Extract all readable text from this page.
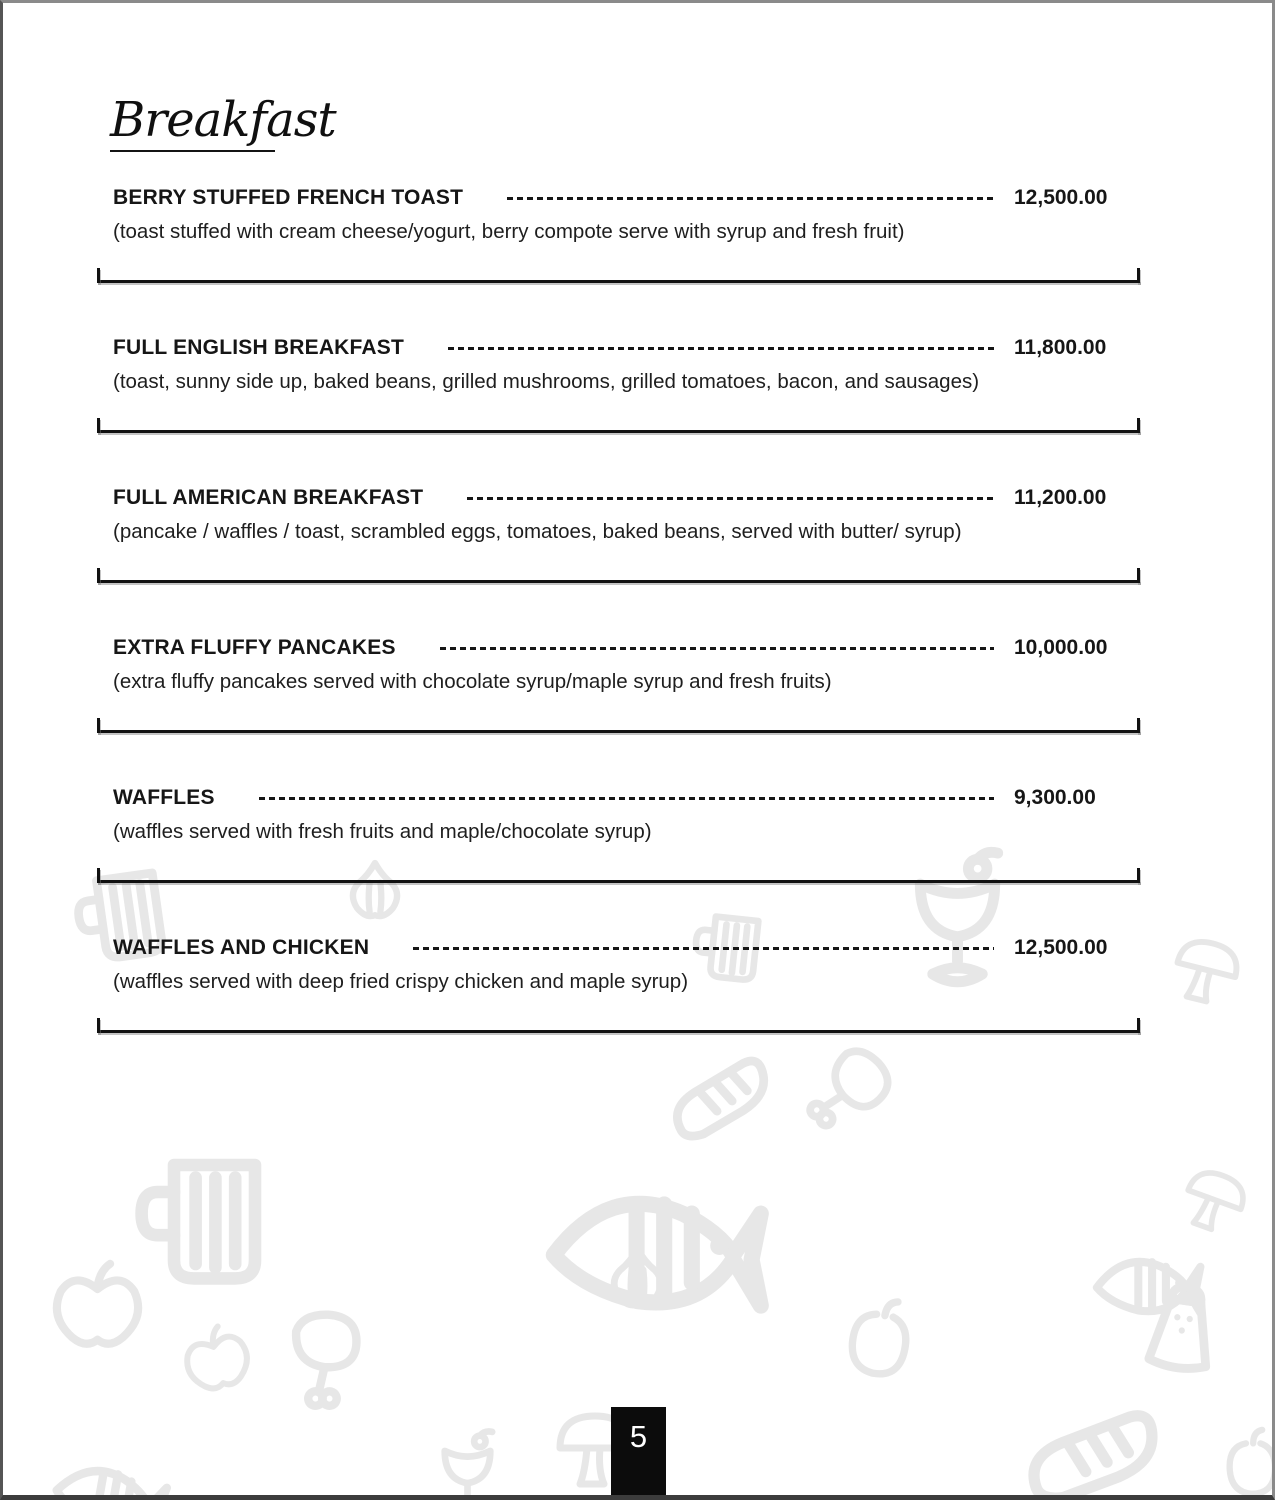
Breakfast
BERRY STUFFED FRENCH TOAST	12,500.00
(toast stuffed with cream cheese/yogurt, berry compote serve with syrup and fresh fruit)
FULL ENGLISH BREAKFAST	11,800.00
(toast, sunny side up, baked beans, grilled mushrooms, grilled tomatoes, bacon, and sausages)
FULL AMERICAN BREAKFAST	11,200.00
(pancake / waffles / toast, scrambled eggs, tomatoes, baked beans, served with butter/ syrup)
EXTRA FLUFFY PANCAKES	10,000.00
(extra fluffy pancakes served with chocolate syrup/maple syrup and fresh fruits)
WAFFLES	9,300.00
(waffles served with fresh fruits and maple/chocolate syrup)
WAFFLES AND CHICKEN	12,500.00
(waffles served with deep fried crispy chicken and maple syrup)
5
